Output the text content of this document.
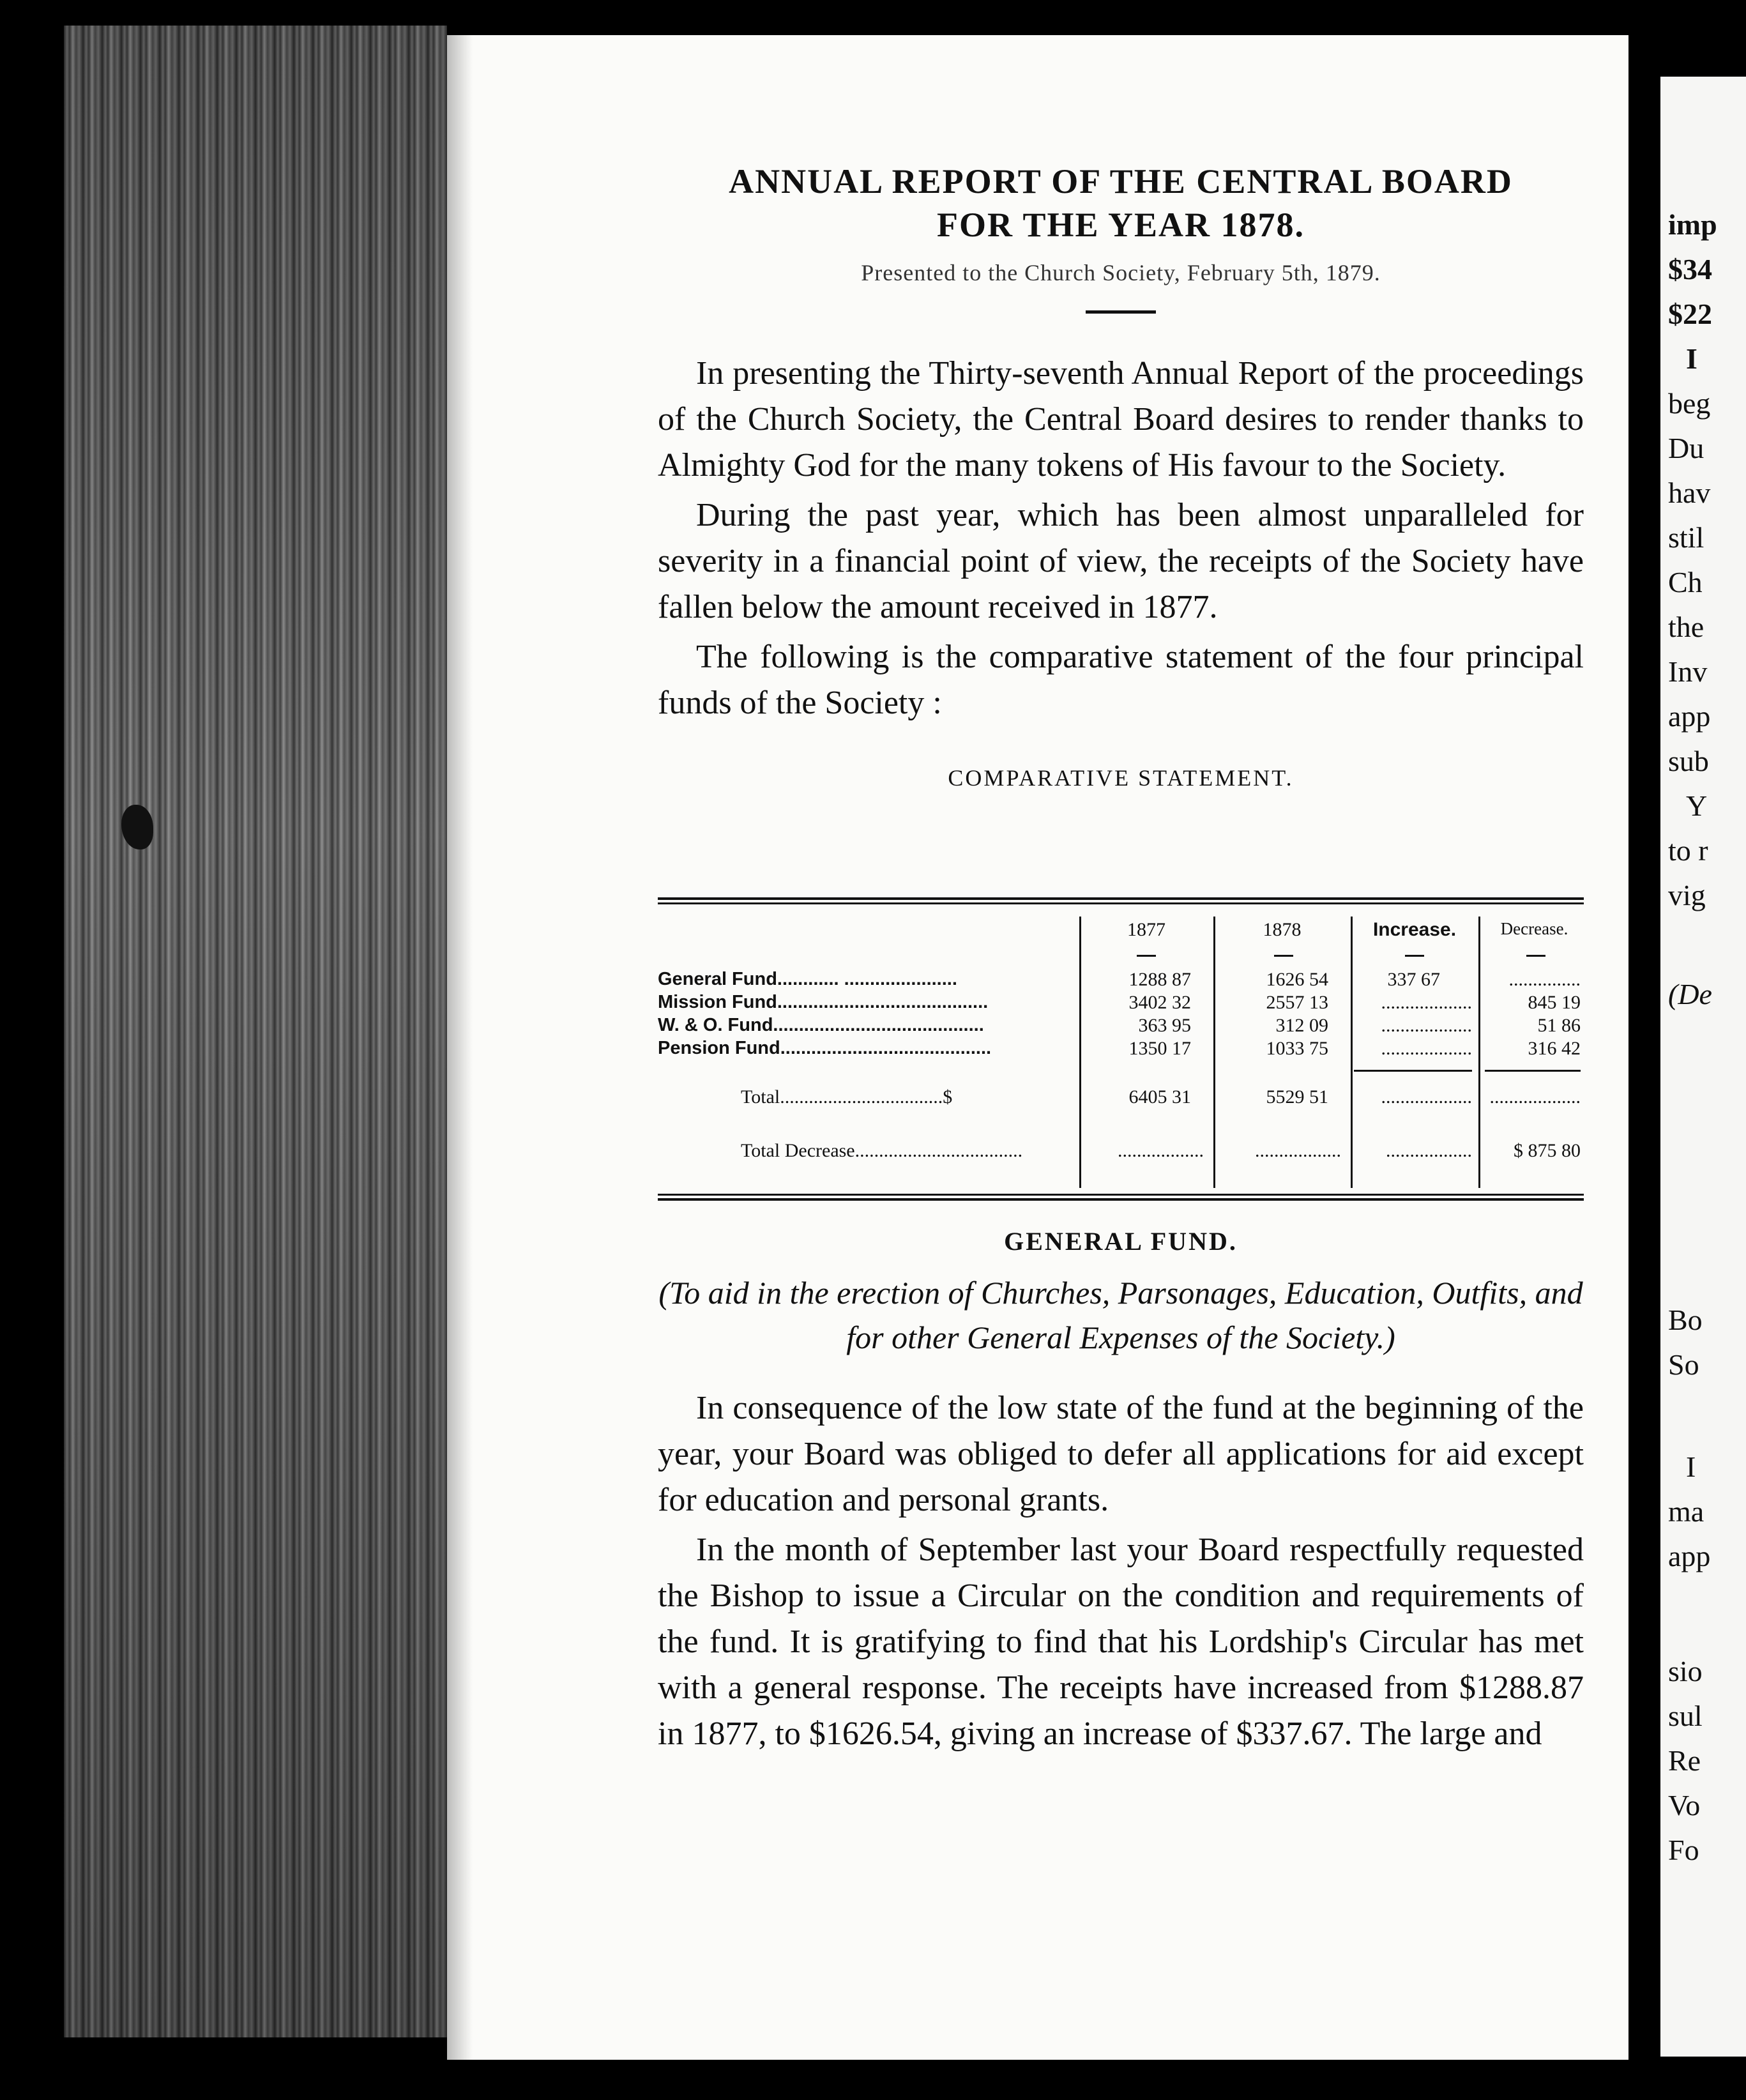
imp
$34
$22
I
beg
Du
hav
stil
Ch
the
Inv
app
sub
Y
to r
vig
(De
Bo
So
I
ma
app
sio
sul
Re
Vo
Fo
ANNUAL REPORT OF THE CENTRAL BOARD
FOR THE YEAR 1878.
Presented to the Church Society, February 5th, 1879.

In presenting the Thirty-seventh Annual Report of the proceedings of the Church Society, the Central Board desires to render thanks to Almighty God for the many tokens of His favour to the Society.

During the past year, which has been almost unparalleled for severity in a financial point of view, the receipts of the Society have fallen below the amount received in 1877.

The following is the comparative statement of the four principal funds of the Society :

COMPARATIVE STATEMENT.
1877	1878	Increase.	Decrease.
General Fund............ ......................	1288 87	1626 54	337 67	...............
Mission Fund.........................................	3402 32	2557 13	...................	845 19
W. & O. Fund.........................................	363 95	312 09	...................	51 86
Pension Fund.........................................	1350 17	1033 75	...................	316 42
Total..................................$	6405 31	5529 51	................... ...................
Total Decrease...................................	..................	..................	..................	$ 875 80
GENERAL FUND.
(To aid in the erection of Churches, Parsonages, Education, Outfits, and for other General Expenses of the Society.)

In consequence of the low state of the fund at the beginning of the year, your Board was obliged to defer all applications for aid except for education and personal grants.

In the month of September last your Board respectfully requested the Bishop to issue a Circular on the condition and requirements of the fund. It is gratifying to find that his Lordship's Circular has met with a general response. The receipts have increased from $1288.87 in 1877, to $1626.54, giving an increase of $337.67. The large and
